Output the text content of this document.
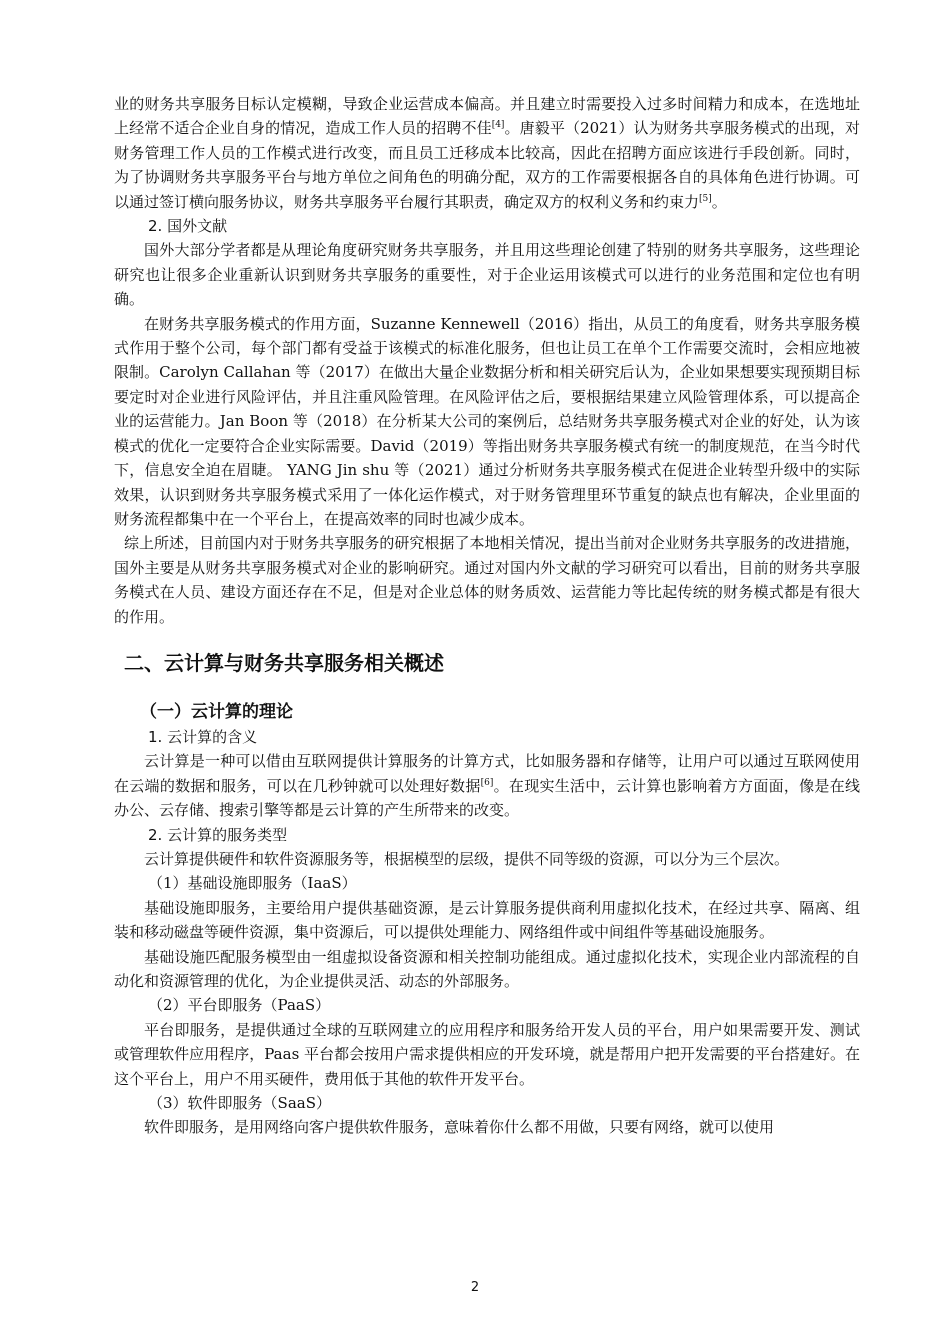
业的财务共享服务目标认定模糊，导致企业运营成本偏高。并且建立时需要投入过多时间精力和成本，在选地址上经常不适合企业自身的情况，造成工作人员的招聘不佳[4]。唐毅平（2021）认为财务共享服务模式的出现，对财务管理工作人员的工作模式进行改变，而且员工迁移成本比较高，因此在招聘方面应该进行手段创新。同时，为了协调财务共享服务平台与地方单位之间角色的明确分配，双方的工作需要根据各自的具体角色进行协调。可以通过签订横向服务协议，财务共享服务平台履行其职责，确定双方的权利义务和约束力[5]。

2. 国外文献

国外大部分学者都是从理论角度研究财务共享服务，并且用这些理论创建了特别的财务共享服务，这些理论研究也让很多企业重新认识到财务共享服务的重要性，对于企业运用该模式可以进行的业务范围和定位也有明确。

在财务共享服务模式的作用方面，Suzanne Kennewell（2016）指出，从员工的角度看，财务共享服务模式作用于整个公司，每个部门都有受益于该模式的标准化服务，但也让员工在单个工作需要交流时，会相应地被限制。Carolyn Callahan 等（2017）在做出大量企业数据分析和相关研究后认为，企业如果想要实现预期目标要定时对企业进行风险评估，并且注重风险管理。在风险评估之后，要根据结果建立风险管理体系，可以提高企业的运营能力。Jan Boon 等（2018）在分析某大公司的案例后，总结财务共享服务模式对企业的好处，认为该模式的优化一定要符合企业实际需要。David（2019）等指出财务共享服务模式有统一的制度规范，在当今时代下，信息安全迫在眉睫。 YANG Jin shu 等（2021）通过分析财务共享服务模式在促进企业转型升级中的实际效果，认识到财务共享服务模式采用了一体化运作模式，对于财务管理里环节重复的缺点也有解决，企业里面的财务流程都集中在一个平台上，在提高效率的同时也减少成本。

综上所述，目前国内对于财务共享服务的研究根据了本地相关情况，提出当前对企业财务共享服务的改进措施，国外主要是从财务共享服务模式对企业的影响研究。通过对国内外文献的学习研究可以看出，目前的财务共享服务模式在人员、建设方面还存在不足，但是对企业总体的财务质效、运营能力等比起传统的财务模式都是有很大的作用。

二、云计算与财务共享服务相关概述
（一）云计算的理论

1. 云计算的含义

云计算是一种可以借由互联网提供计算服务的计算方式，比如服务器和存储等，让用户可以通过互联网使用在云端的数据和服务，可以在几秒钟就可以处理好数据[6]。在现实生活中，云计算也影响着方方面面，像是在线办公、云存储、搜索引擎等都是云计算的产生所带来的改变。

2. 云计算的服务类型

云计算提供硬件和软件资源服务等，根据模型的层级，提供不同等级的资源，可以分为三个层次。

（1）基础设施即服务（IaaS）

基础设施即服务，主要给用户提供基础资源，是云计算服务提供商利用虚拟化技术，在经过共享、隔离、组装和移动磁盘等硬件资源，集中资源后，可以提供处理能力、网络组件或中间组件等基础设施服务。

基础设施匹配服务模型由一组虚拟设备资源和相关控制功能组成。通过虚拟化技术，实现企业内部流程的自动化和资源管理的优化，为企业提供灵活、动态的外部服务。

（2）平台即服务（PaaS）

平台即服务，是提供通过全球的互联网建立的应用程序和服务给开发人员的平台，用户如果需要开发、测试或管理软件应用程序，Paas 平台都会按用户需求提供相应的开发环境，就是帮用户把开发需要的平台搭建好。在这个平台上，用户不用买硬件，费用低于其他的软件开发平台。

（3）软件即服务（SaaS）

软件即服务，是用网络向客户提供软件服务，意味着你什么都不用做，只要有网络，就可以使用

2
